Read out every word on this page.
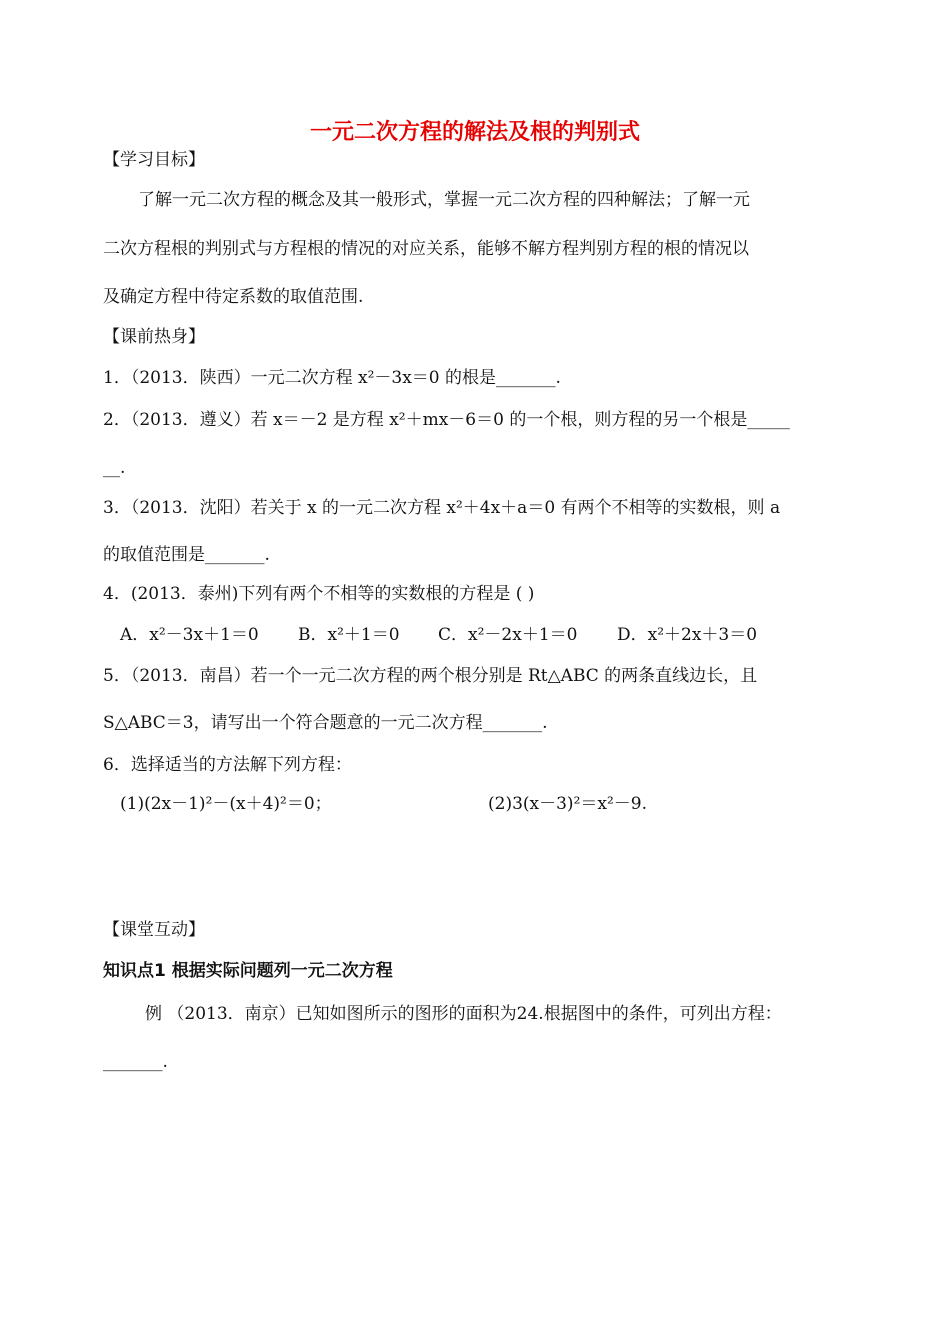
一元二次方程的解法及根的判别式
【学习目标】
了解一元二次方程的概念及其一般形式，掌握一元二次方程的四种解法；了解一元
二次方程根的判别式与方程根的情况的对应关系，能够不解方程判别方程的根的情况以
及确定方程中待定系数的取值范围.
【课前热身】
1．（2013．陕西）一元二次方程 x²－3x＝0 的根是_______.
2．（2013．遵义）若 x＝－2 是方程 x²＋mx－6＝0 的一个根，则方程的另一个根是_____
__.
3．（2013．沈阳）若关于 x 的一元二次方程 x²＋4x＋a＝0 有两个不相等的实数根，则 a
的取值范围是_______.
4．(2013．泰州)下列有两个不相等的实数根的方程是 ( )
A．x²－3x＋1＝0 B．x²＋1＝0 C．x²－2x＋1＝0 D．x²＋2x＋3＝0
5．（2013．南昌）若一个一元二次方程的两个根分别是 Rt△ABC 的两条直线边长，且
S△ABC＝3，请写出一个符合题意的一元二次方程_______.
6．选择适当的方法解下列方程：
(1)(2x－1)²－(x＋4)²＝0；	(2)3(x－3)²＝x²－9.
【课堂互动】
知识点1 根据实际问题列一元二次方程
例 （2013．南京）已知如图所示的图形的面积为24.根据图中的条件，可列出方程：
_______.
